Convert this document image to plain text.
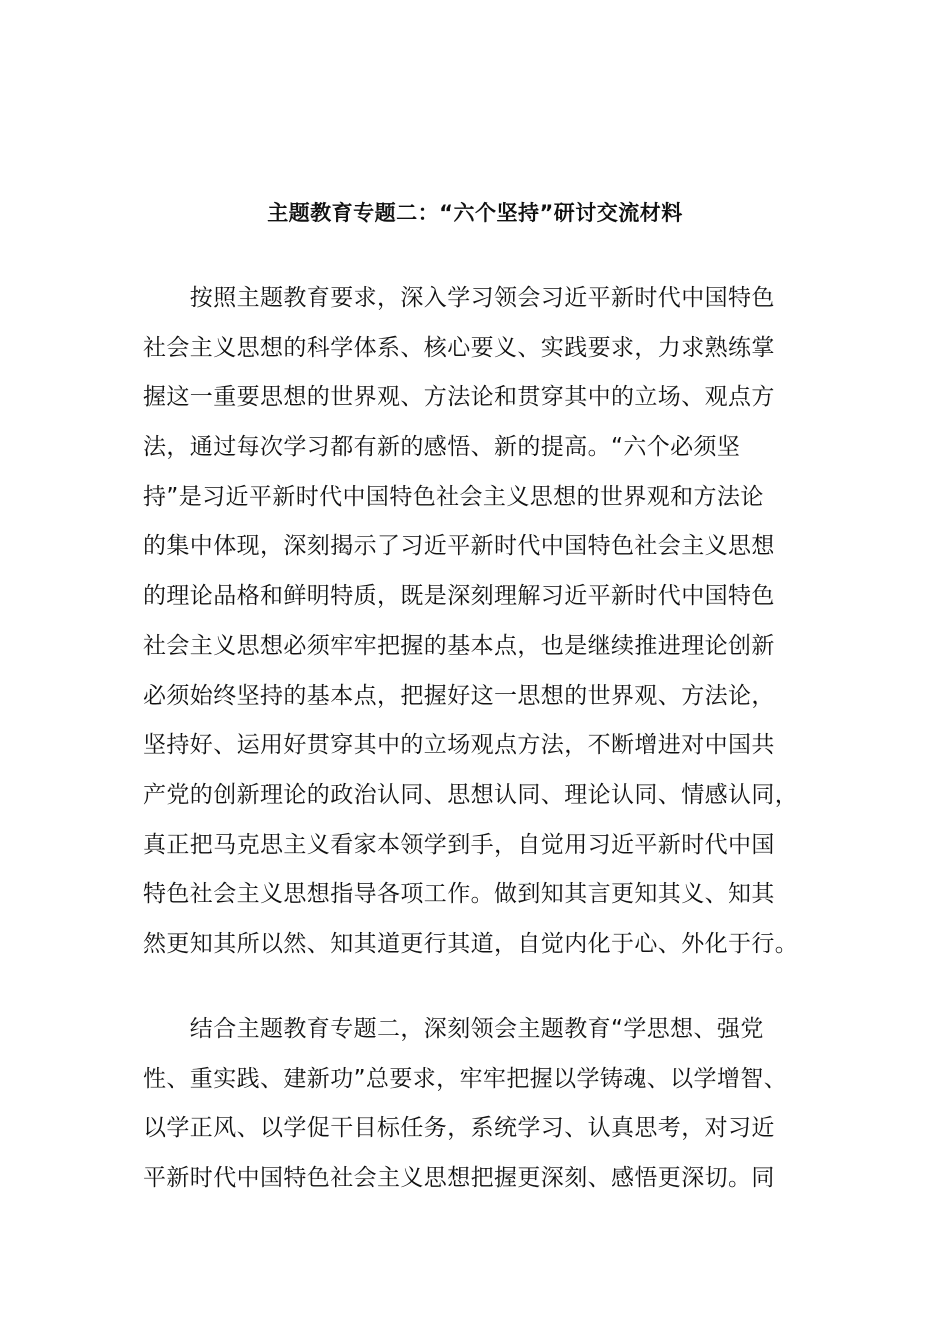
主题教育专题二：“六个坚持”研讨交流材料
　　按照主题教育要求，深入学习领会习近平新时代中国特色
社会主义思想的科学体系、核心要义、实践要求，力求熟练掌
握这一重要思想的世界观、方法论和贯穿其中的立场、观点方
法，通过每次学习都有新的感悟、新的提高。“六个必须坚
持”是习近平新时代中国特色社会主义思想的世界观和方法论
的集中体现，深刻揭示了习近平新时代中国特色社会主义思想
的理论品格和鲜明特质，既是深刻理解习近平新时代中国特色
社会主义思想必须牢牢把握的基本点，也是继续推进理论创新
必须始终坚持的基本点，把握好这一思想的世界观、方法论，
坚持好、运用好贯穿其中的立场观点方法，不断增进对中国共
产党的创新理论的政治认同、思想认同、理论认同、情感认同，
真正把马克思主义看家本领学到手，自觉用习近平新时代中国
特色社会主义思想指导各项工作。做到知其言更知其义、知其
然更知其所以然、知其道更行其道，自觉内化于心、外化于行。
　　结合主题教育专题二，深刻领会主题教育“学思想、强党
性、重实践、建新功”总要求，牢牢把握以学铸魂、以学增智、
以学正风、以学促干目标任务，系统学习、认真思考，对习近
平新时代中国特色社会主义思想把握更深刻、感悟更深切。同
